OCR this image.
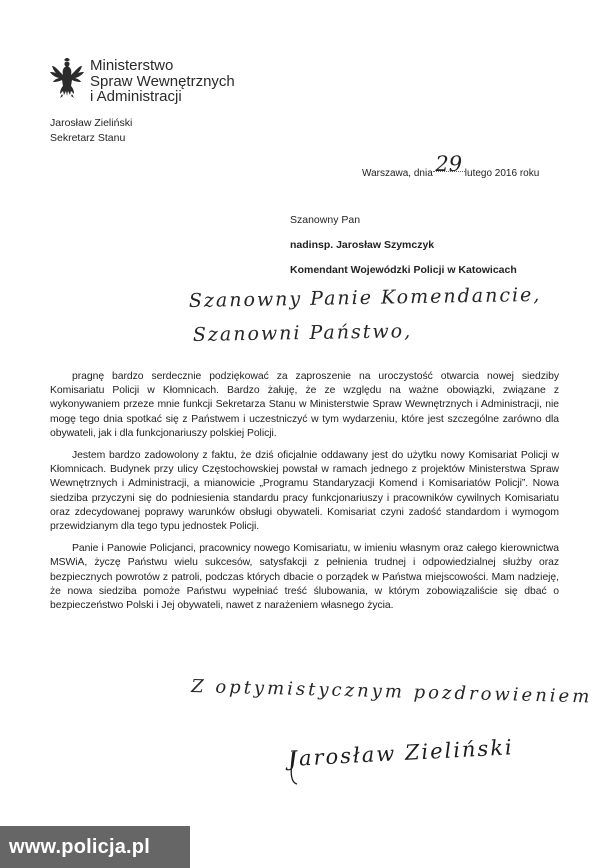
Ministerstwo
Spraw Wewnętrznych
i Administracji
Jarosław Zieliński
Sekretarz Stanu
Warszawa, dnia 29 lutego 2016 roku
Szanowny Pan
nadinsp. Jarosław Szymczyk
Komendant Wojewódzki Policji w Katowicach
Szanowny Panie Komendancie,
Szanowni Państwo,

pragnę bardzo serdecznie podziękować za zaproszenie na uroczystość otwarcia nowej siedziby Komisariatu Policji w Kłomnicach. Bardzo żałuję, że ze względu na ważne obowiązki, związane z wykonywaniem przeze mnie funkcji Sekretarza Stanu w Ministerstwie Spraw Wewnętrznych i Administracji, nie mogę tego dnia spotkać się z Państwem i uczestniczyć w tym wydarzeniu, które jest szczególne zarówno dla obywateli, jak i dla funkcjonariuszy polskiej Policji.

Jestem bardzo zadowolony z faktu, że dziś oficjalnie oddawany jest do użytku nowy Komisariat Policji w Kłomnicach. Budynek przy ulicy Częstochowskiej powstał w ramach jednego z projektów Ministerstwa Spraw Wewnętrznych i Administracji, a mianowicie „Programu Standaryzacji Komend i Komisariatów Policji”. Nowa siedziba przyczyni się do podniesienia standardu pracy funkcjonariuszy i pracowników cywilnych Komisariatu oraz zdecydowanej poprawy warunków obsługi obywateli. Komisariat czyni zadość standardom i wymogom przewidzianym dla tego typu jednostek Policji.

Panie i Panowie Policjanci, pracownicy nowego Komisariatu, w imieniu własnym oraz całego kierownictwa MSWiA, życzę Państwu wielu sukcesów, satysfakcji z pełnienia trudnej i odpowiedzialnej służby oraz bezpiecznych powrotów z patroli, podczas których dbacie o porządek w Państwa miejscowości. Mam nadzieję, że nowa siedziba pomoże Państwu wypełniać treść ślubowania, w którym zobowiązaliście się dbać o bezpieczeństwo Polski i Jej obywateli, nawet z narażeniem własnego życia.

Z optymistycznym pozdrowieniem
Jarosław Zieliński
www.policja.pl
